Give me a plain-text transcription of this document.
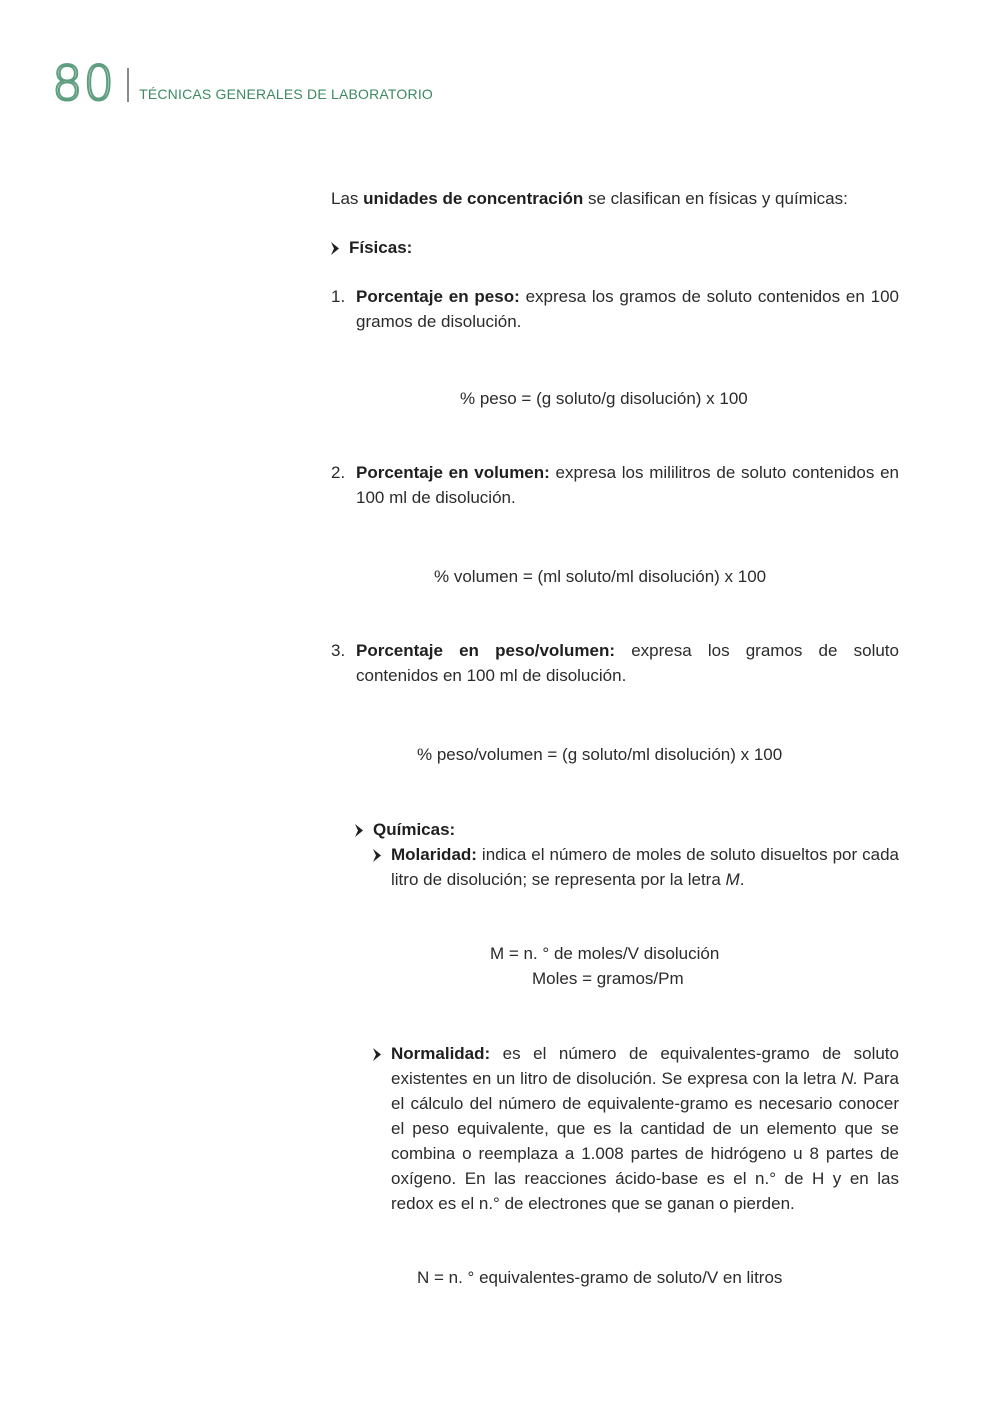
80 TÉCNICAS GENERALES DE LABORATORIO
Las unidades de concentración se clasifican en físicas y químicas:
Físicas:
1. Porcentaje en peso: expresa los gramos de soluto contenidos en 100 gramos de disolución.
% peso = (g soluto/g disolución) x 100
2. Porcentaje en volumen: expresa los mililitros de soluto contenidos en 100 ml de disolución.
% volumen = (ml soluto/ml disolución) x 100
3. Porcentaje en peso/volumen: expresa los gramos de soluto contenidos en 100 ml de disolución.
% peso/volumen = (g soluto/ml disolución) x 100
Químicas:
Molaridad: indica el número de moles de soluto disueltos por cada litro de disolución; se representa por la letra M.
M = n. ° de moles/V disolución
Moles = gramos/Pm
Normalidad: es el número de equivalentes-gramo de soluto existentes en un litro de disolución. Se expresa con la letra N. Para el cálculo del número de equivalente-gramo es necesario conocer el peso equivalente, que es la cantidad de un elemento que se combina o reemplaza a 1.008 partes de hidrógeno u 8 partes de oxígeno. En las reacciones ácido-base es el n.° de H y en las redox es el n.° de electrones que se ganan o pierden.
N = n. ° equivalentes-gramo de soluto/V en litros
